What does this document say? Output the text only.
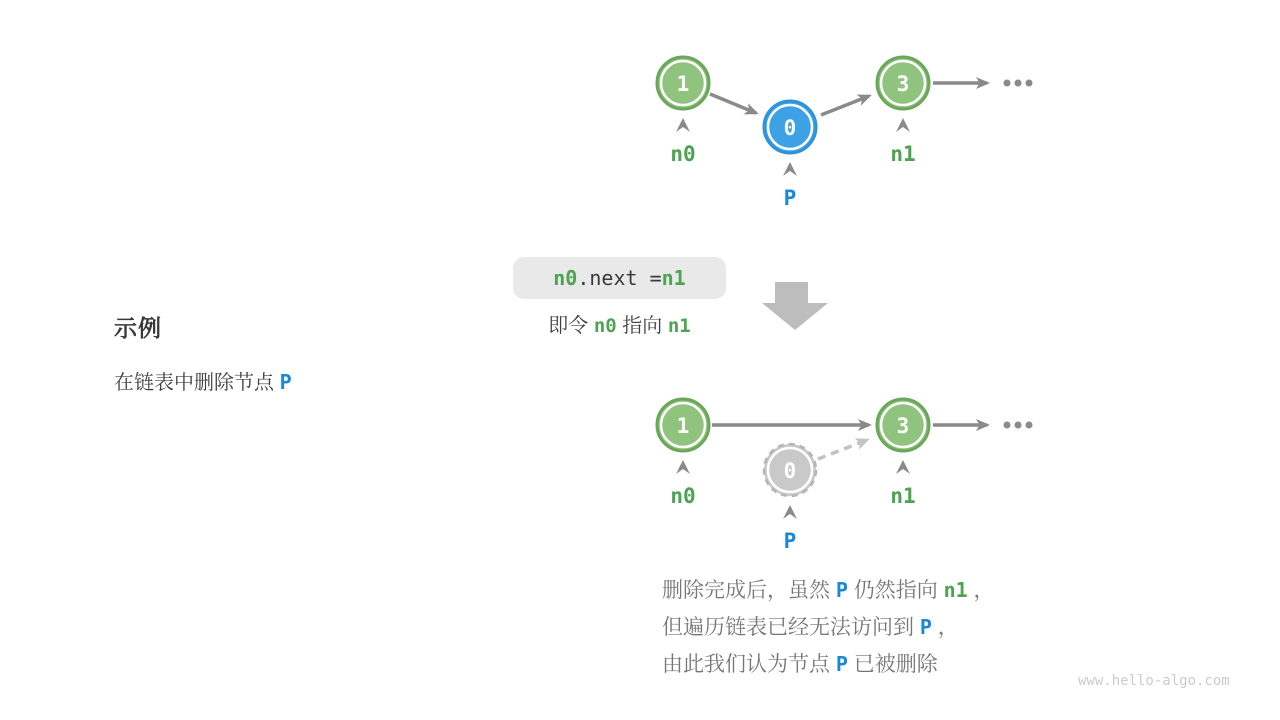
1
0
3
n0	n1
P
n0 .next = n1
即令 n0 指向 n1
示例
在链表中删除节点 P
1
0
3
n0	n1
P
删除完成后，虽然 P 仍然指向 n1 ，
但遍历链表已经无法访问到 P ，
由此我们认为节点 P 已被删除
www.hello-algo.com
